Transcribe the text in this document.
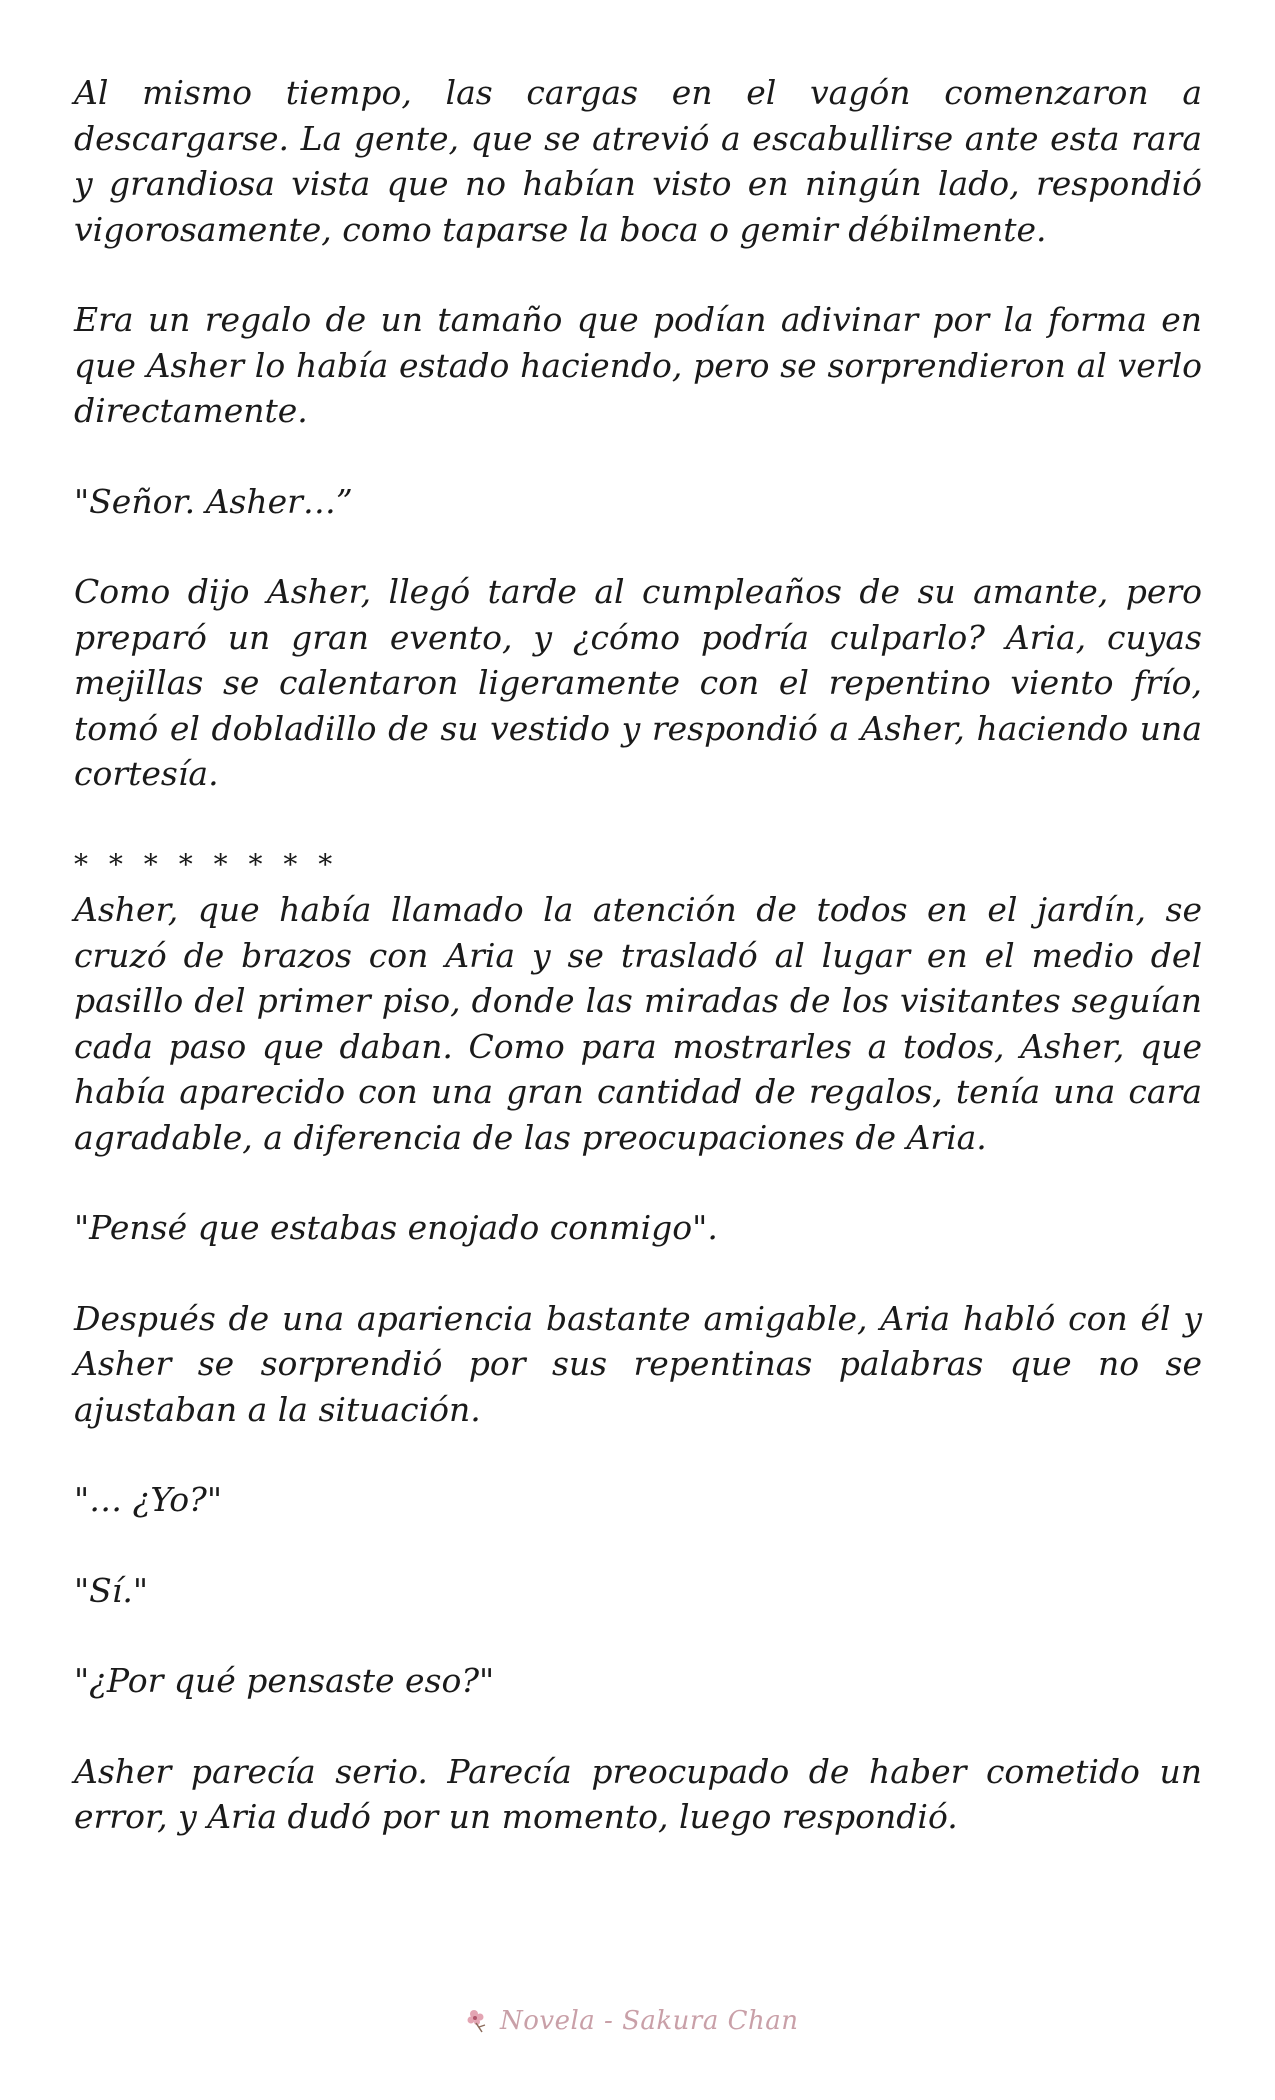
Al mismo tiempo, las cargas en el vagón comenzaron a descargarse. La gente, que se atrevió a escabullirse ante esta rara y grandiosa vista que no habían visto en ningún lado, respondió vigorosamente, como taparse la boca o gemir débilmente.

Era un regalo de un tamaño que podían adivinar por la forma en que Asher lo había estado haciendo, pero se sorprendieron al verlo directamente.

"Señor. Asher…”

Como dijo Asher, llegó tarde al cumpleaños de su amante, pero preparó un gran evento, y ¿cómo podría culparlo? Aria, cuyas mejillas se calentaron ligeramente con el repentino viento frío, tomó el dobladillo de su vestido y respondió a Asher, haciendo una cortesía.

* * * * * * * *

Asher, que había llamado la atención de todos en el jardín, se cruzó de brazos con Aria y se trasladó al lugar en el medio del pasillo del primer piso, donde las miradas de los visitantes seguían cada paso que daban. Como para mostrarles a todos, Asher, que había aparecido con una gran cantidad de regalos, tenía una cara agradable, a diferencia de las preocupaciones de Aria.

"Pensé que estabas enojado conmigo".

Después de una apariencia bastante amigable, Aria habló con él y Asher se sorprendió por sus repentinas palabras que no se ajustaban a la situación.

"… ¿Yo?"

"Sí."

"¿Por qué pensaste eso?"

Asher parecía serio. Parecía preocupado de haber cometido un error, y Aria dudó por un momento, luego respondió.

Novela - Sakura Chan
